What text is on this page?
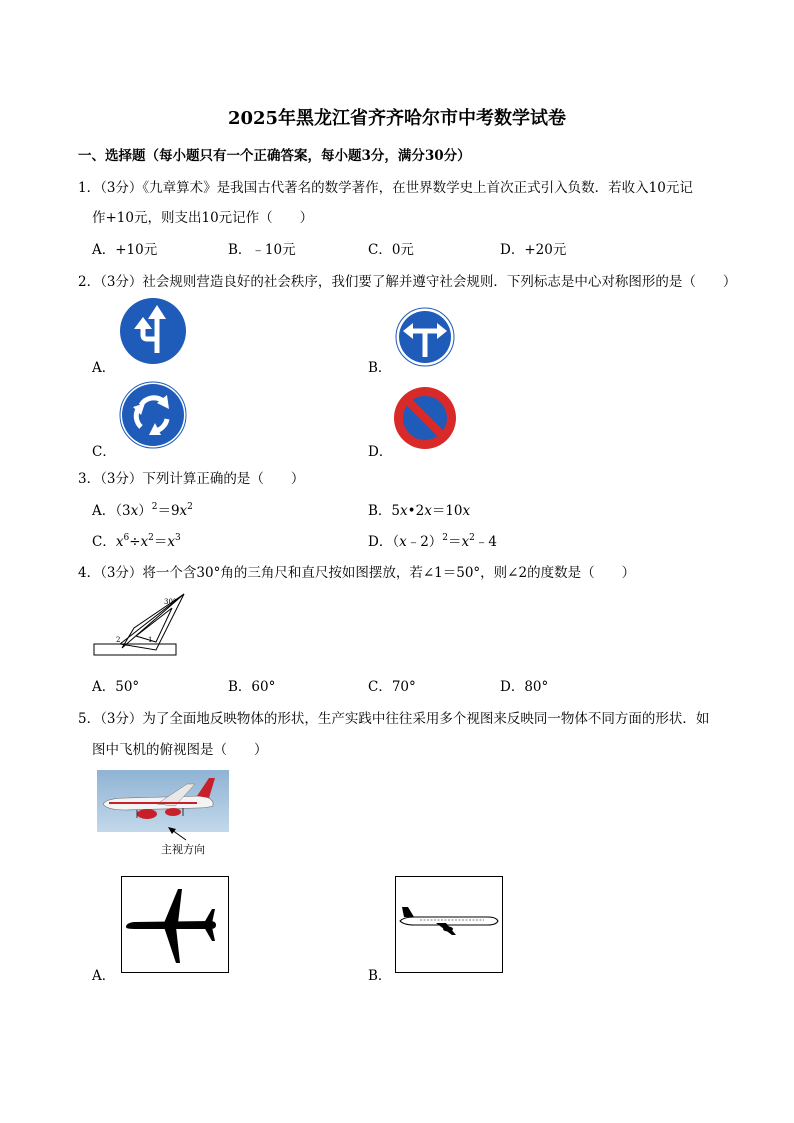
2025年黑龙江省齐齐哈尔市中考数学试卷
一、选择题（每小题只有一个正确答案，每小题3分，满分30分）
1．（3分）《九章算术》是我国古代著名的数学著作，在世界数学史上首次正式引入负数．若收入10元记
作+10元，则支出10元记作（　　）
A．+10元	B．﹣10元	C．0元	D．+20元
2．（3分）社会规则营造良好的社会秩序，我们要了解并遵守社会规则．下列标志是中心对称图形的是（　　）
A．	B．
C．	D．
3．（3分）下列计算正确的是（　　）
A．$(3x)^2=9x^2$	B．5x•2x＝10x
C．$x^6\div x^2=x^3$	D．$(x﹣2)^2=x^2﹣4$
4．（3分）将一个含30°角的三角尺和直尺按如图摆放，若∠1＝50°，则∠2的度数是（　　）
30°
2	1
A．50°	B．60°	C．70°	D．80°
5．（3分）为了全面地反映物体的形状，生产实践中往往采用多个视图来反映同一物体不同方面的形状．如
图中飞机的俯视图是（　　）
主视方向
A．	B．
